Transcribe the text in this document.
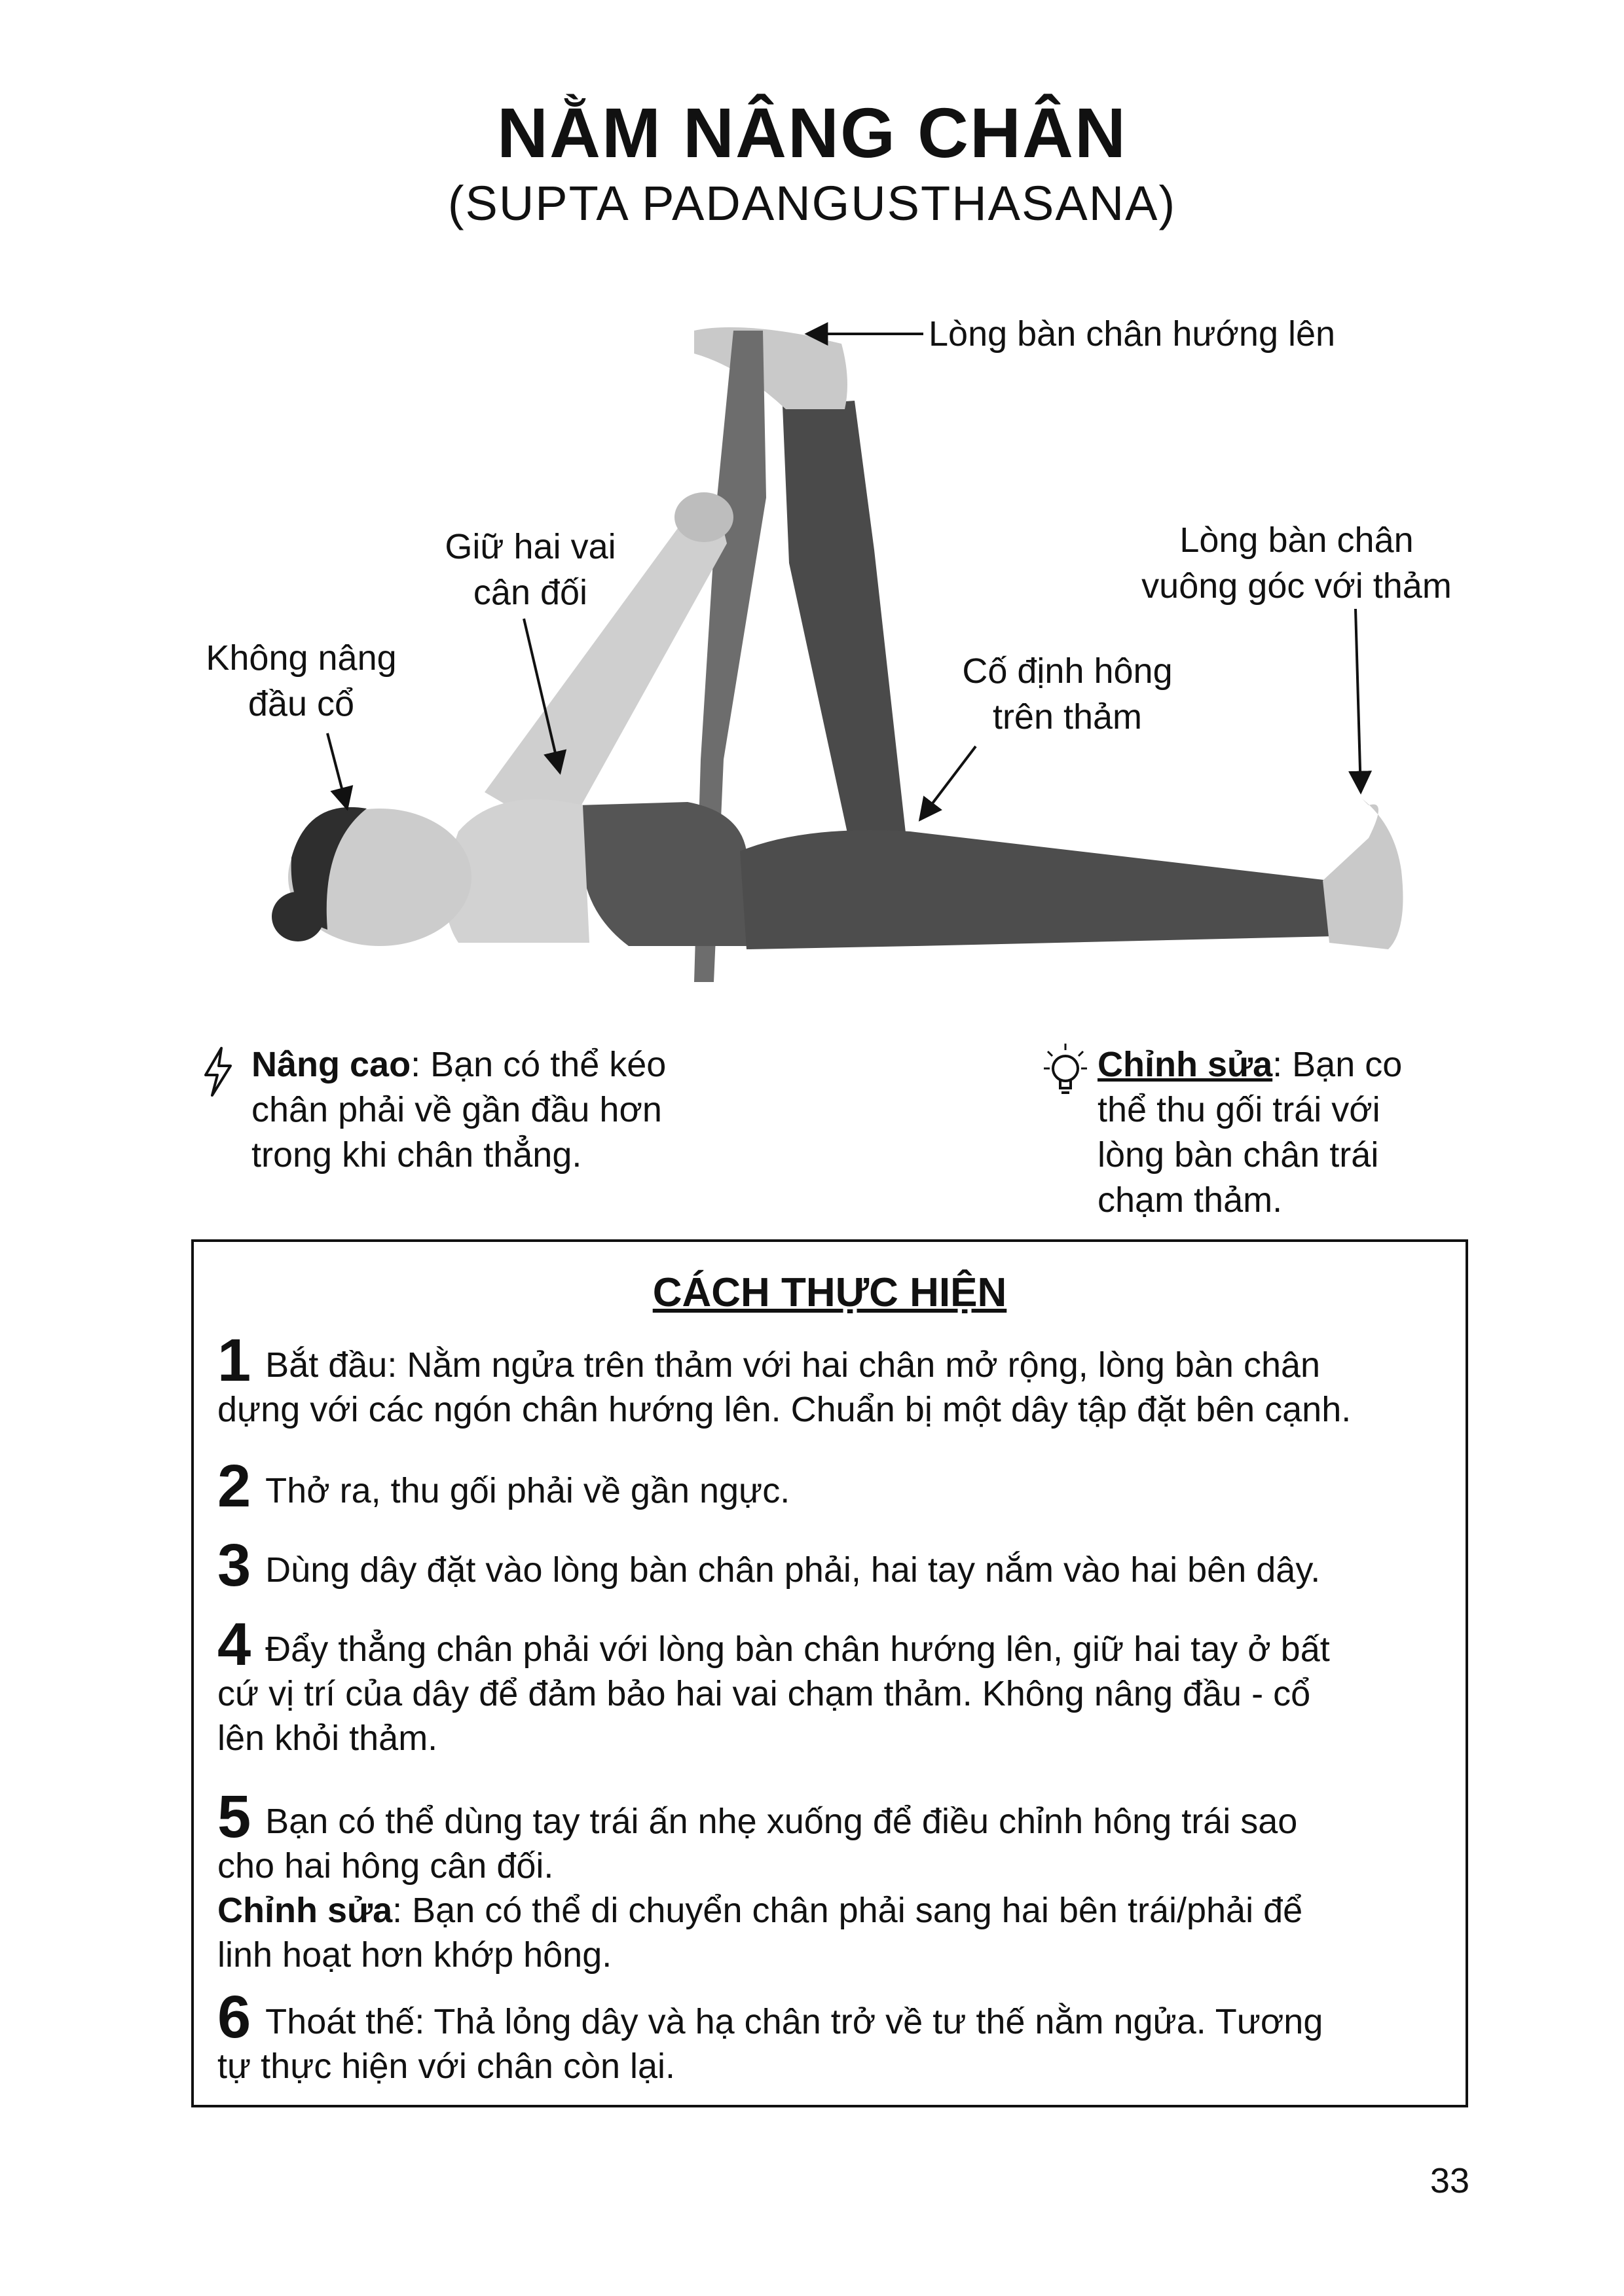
NẰM NÂNG CHÂN
(SUPTA PADANGUSTHASANA)
Lòng bàn chân hướng lên
Giữ hai vai
cân đối
Không nâng
đầu cổ
Cố định hông
trên thảm
Lòng bàn chân
vuông góc với thảm
Nâng cao: Bạn có thể kéo
chân phải về gần đầu hơn
trong khi chân thẳng.
Chỉnh sửa: Bạn co
thể thu gối trái với
lòng bàn chân trái
chạm thảm.
CÁCH THỰC HIỆN
1 Bắt đầu: Nằm ngửa trên thảm với hai chân mở rộng, lòng bàn chân
dựng với các ngón chân hướng lên. Chuẩn bị một dây tập đặt bên cạnh.
2 Thở ra, thu gối phải về gần ngực.
3 Dùng dây đặt vào lòng bàn chân phải, hai tay nắm vào hai bên dây.
4 Đẩy thẳng chân phải với lòng bàn chân hướng lên, giữ hai tay ở bất
cứ vị trí của dây để đảm bảo hai vai chạm thảm. Không nâng đầu - cổ
lên khỏi thảm.
5 Bạn có thể dùng tay trái ấn nhẹ xuống để điều chỉnh hông trái sao
cho hai hông cân đối.
Chỉnh sửa: Bạn có thể di chuyển chân phải sang hai bên trái/phải để
linh hoạt hơn khớp hông.
6 Thoát thế: Thả lỏng dây và hạ chân trở về tư thế nằm ngửa. Tương
tự thực hiện với chân còn lại.
33
